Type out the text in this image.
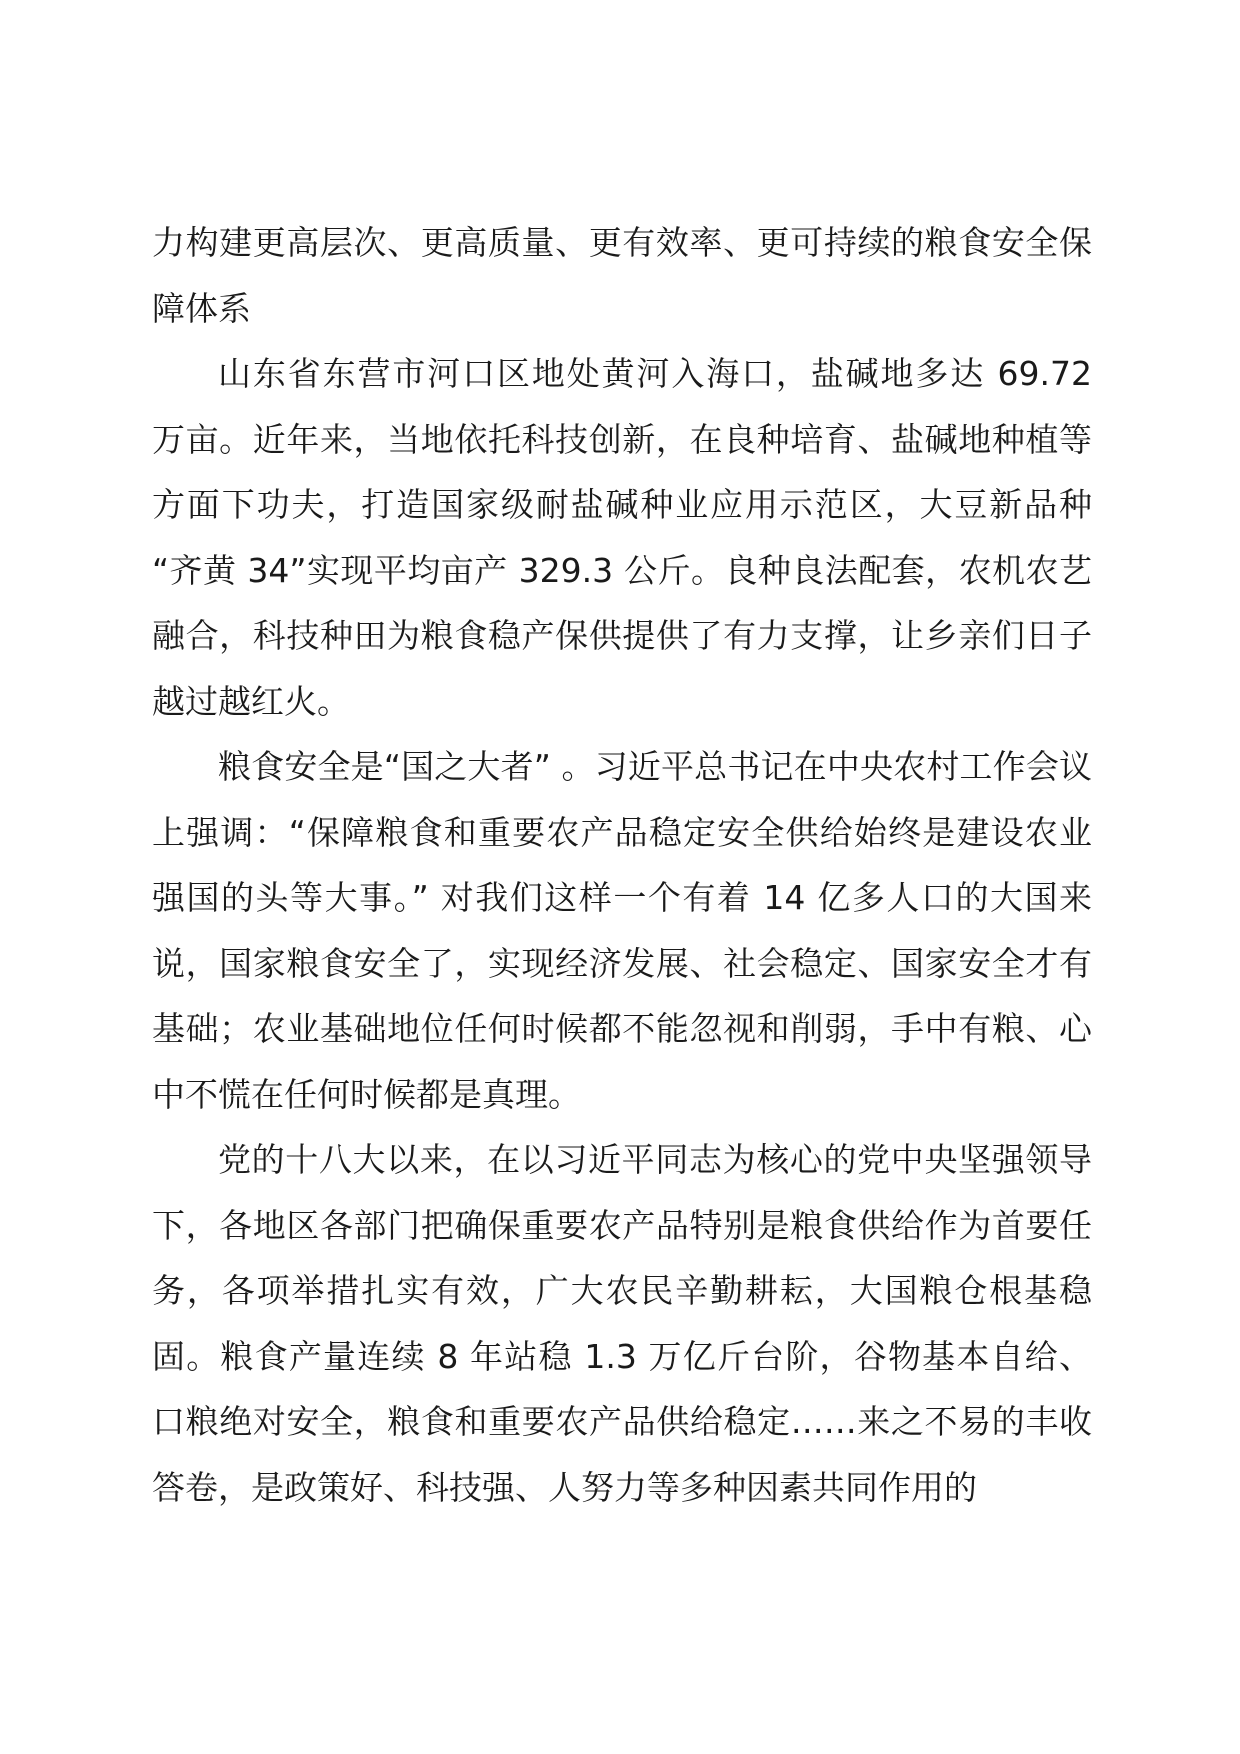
力构建更高层次、更高质量、更有效率、更可持续的粮食安全保障体系

山东省东营市河口区地处黄河入海口，盐碱地多达 69.72 万亩。近年来，当地依托科技创新，在良种培育、盐碱地种植等方面下功夫，打造国家级耐盐碱种业应用示范区，大豆新品种 “齐黄 34”实现平均亩产 329.3 公斤。良种良法配套，农机农艺融合，科技种田为粮食稳产保供提供了有力支撑，让乡亲们日子越过越红火。

粮食安全是“国之大者” 。习近平总书记在中央农村工作会议上强调：“保障粮食和重要农产品稳定安全供给始终是建设农业强国的头等大事。” 对我们这样一个有着 14 亿多人口的大国来说，国家粮食安全了，实现经济发展、社会稳定、国家安全才有基础；农业基础地位任何时候都不能忽视和削弱，手中有粮、心中不慌在任何时候都是真理。

党的十八大以来，在以习近平同志为核心的党中央坚强领导下，各地区各部门把确保重要农产品特别是粮食供给作为首要任务，各项举措扎实有效，广大农民辛勤耕耘，大国粮仓根基稳固。粮食产量连续 8 年站稳 1.3 万亿斤台阶，谷物基本自给、口粮绝对安全，粮食和重要农产品供给稳定……来之不易的丰收答卷，是政策好、科技强、人努力等多种因素共同作用的
